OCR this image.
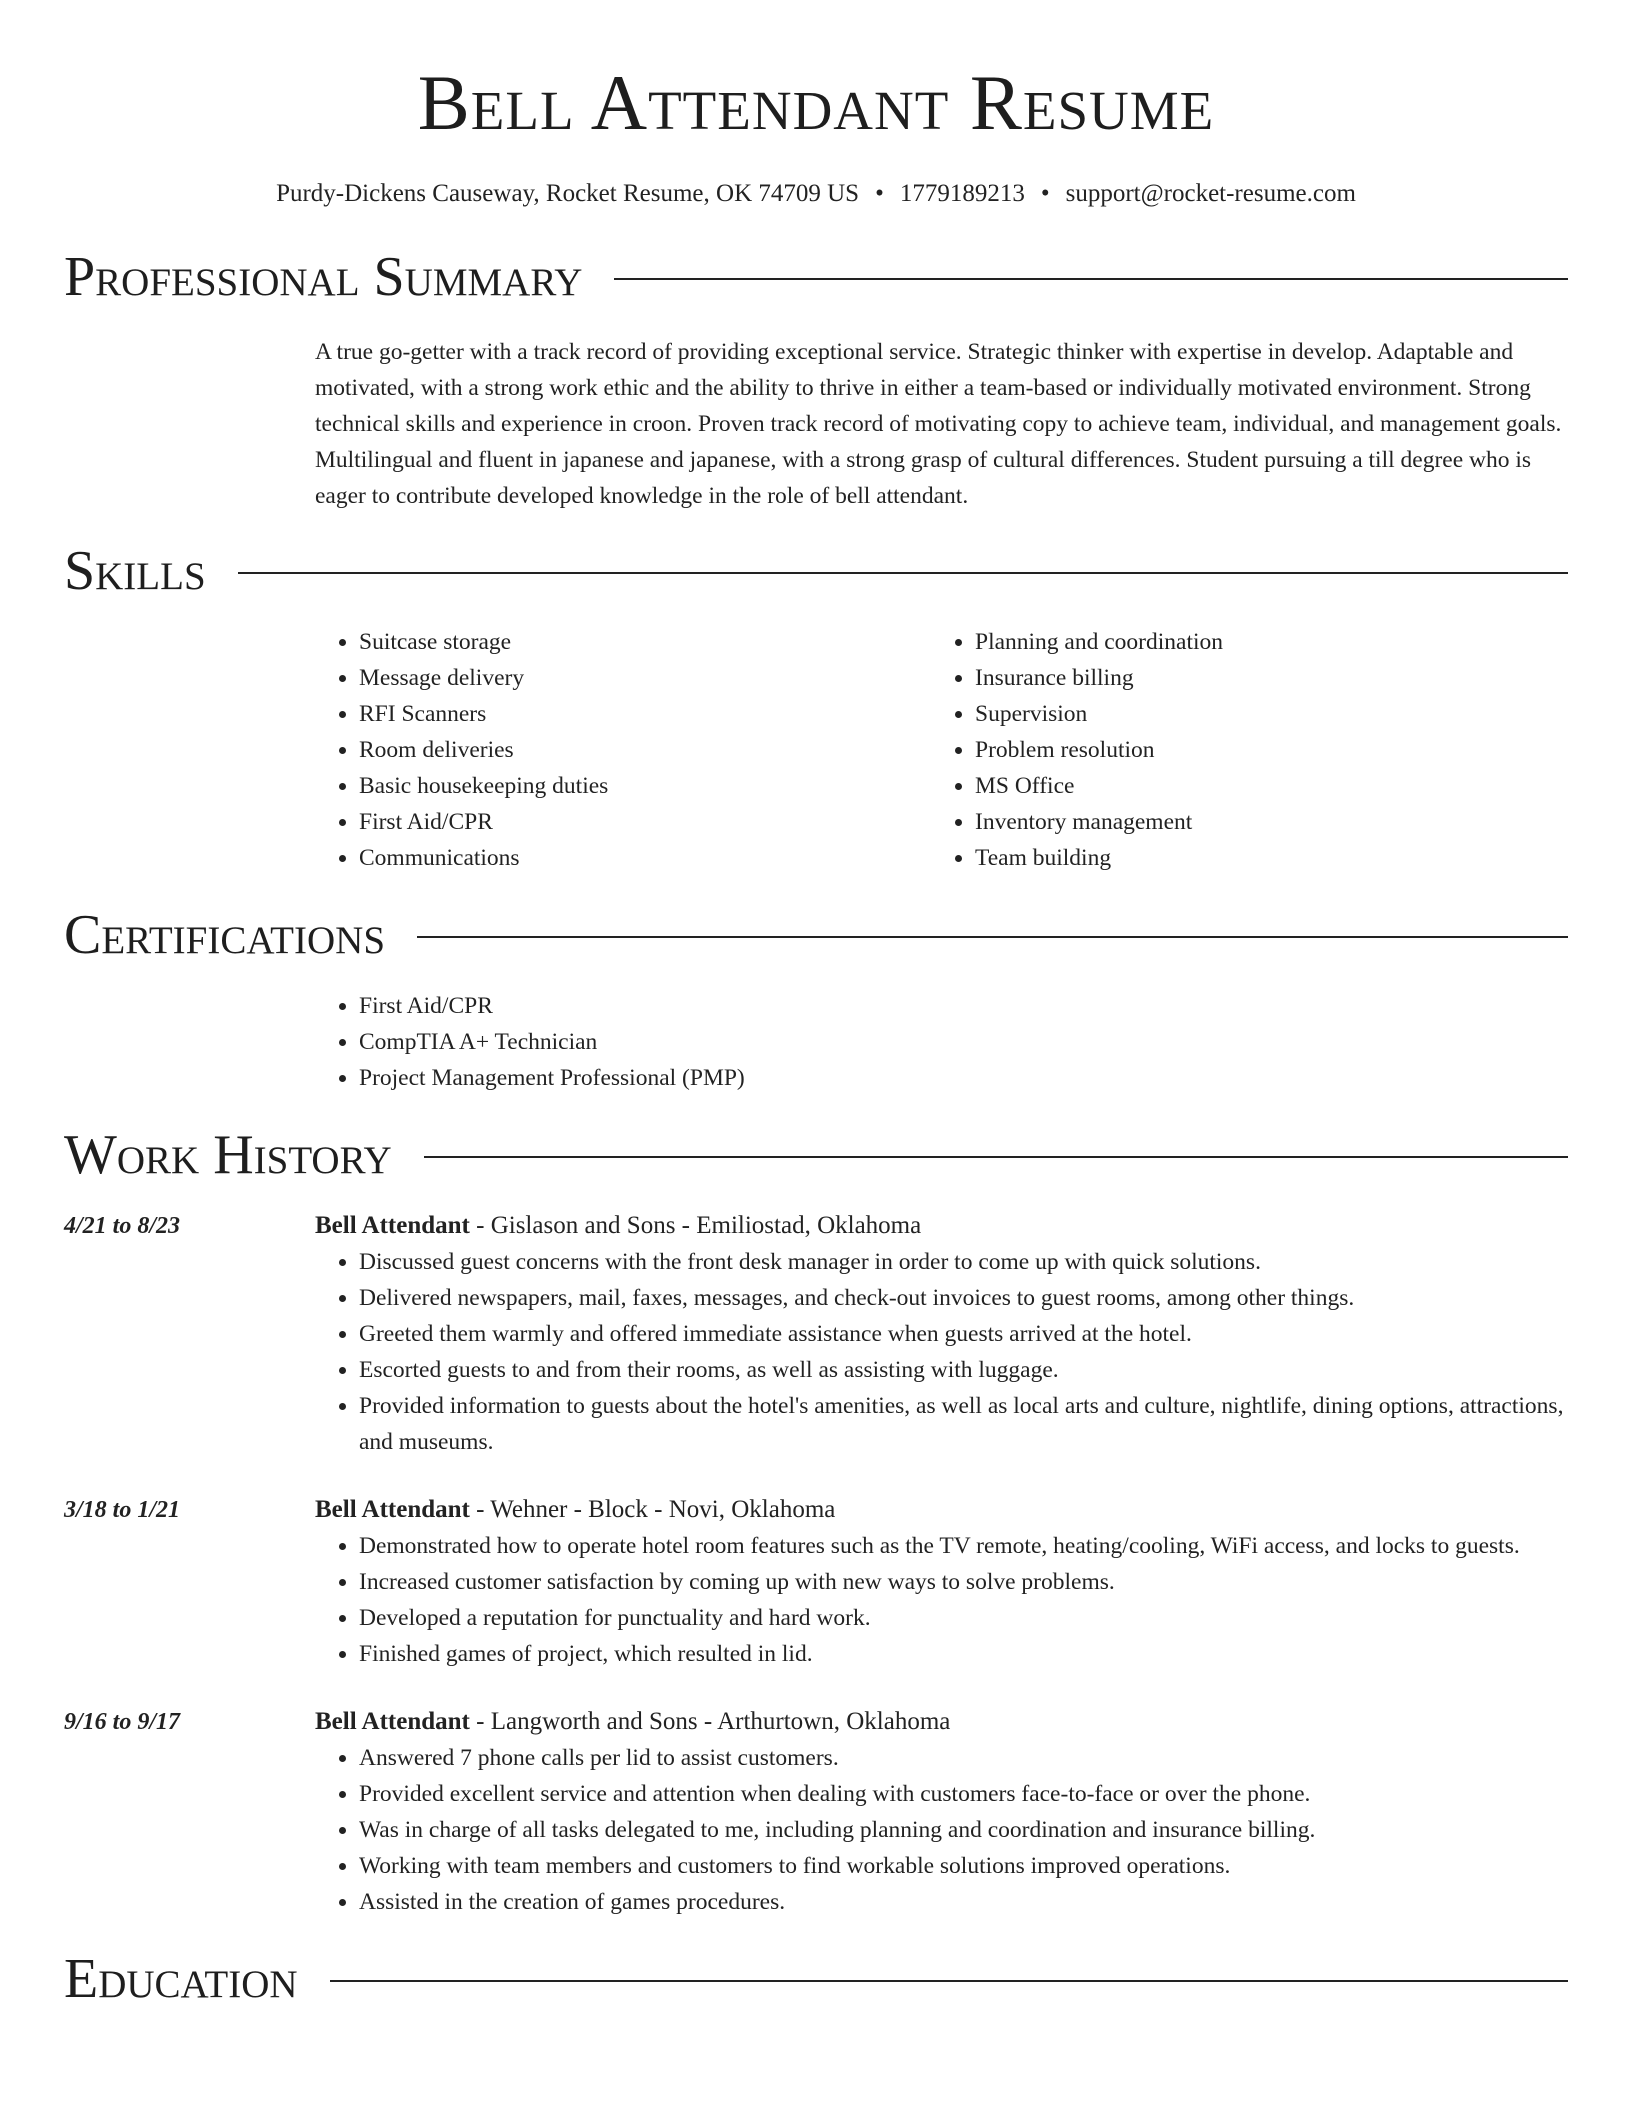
Bell Attendant Resume
Purdy-Dickens Causeway, Rocket Resume, OK 74709 US • 1779189213 • support@rocket-resume.com
Professional Summary
A true go-getter with a track record of providing exceptional service. Strategic thinker with expertise in develop. Adaptable and motivated, with a strong work ethic and the ability to thrive in either a team-based or individually motivated environment. Strong technical skills and experience in croon. Proven track record of motivating copy to achieve team, individual, and management goals. Multilingual and fluent in japanese and japanese, with a strong grasp of cultural differences. Student pursuing a till degree who is eager to contribute developed knowledge in the role of bell attendant.
Skills
• Suitcase storage
• Message delivery
• RFI Scanners
• Room deliveries
• Basic housekeeping duties
• First Aid/CPR
• Communications
• Planning and coordination
• Insurance billing
• Supervision
• Problem resolution
• MS Office
• Inventory management
• Team building
Certifications
• First Aid/CPR
• CompTIA A+ Technician
• Project Management Professional (PMP)
Work History
4/21 to 8/23	Bell Attendant - Gislason and Sons - Emiliostad, Oklahoma
• Discussed guest concerns with the front desk manager in order to come up with quick solutions.
• Delivered newspapers, mail, faxes, messages, and check-out invoices to guest rooms, among other things.
• Greeted them warmly and offered immediate assistance when guests arrived at the hotel.
• Escorted guests to and from their rooms, as well as assisting with luggage.
• Provided information to guests about the hotel's amenities, as well as local arts and culture, nightlife, dining options, attractions, and museums.
3/18 to 1/21	Bell Attendant - Wehner - Block - Novi, Oklahoma
• Demonstrated how to operate hotel room features such as the TV remote, heating/cooling, WiFi access, and locks to guests.
• Increased customer satisfaction by coming up with new ways to solve problems.
• Developed a reputation for punctuality and hard work.
• Finished games of project, which resulted in lid.
9/16 to 9/17	Bell Attendant - Langworth and Sons - Arthurtown, Oklahoma
• Answered 7 phone calls per lid to assist customers.
• Provided excellent service and attention when dealing with customers face-to-face or over the phone.
• Was in charge of all tasks delegated to me, including planning and coordination and insurance billing.
• Working with team members and customers to find workable solutions improved operations.
• Assisted in the creation of games procedures.
Education
